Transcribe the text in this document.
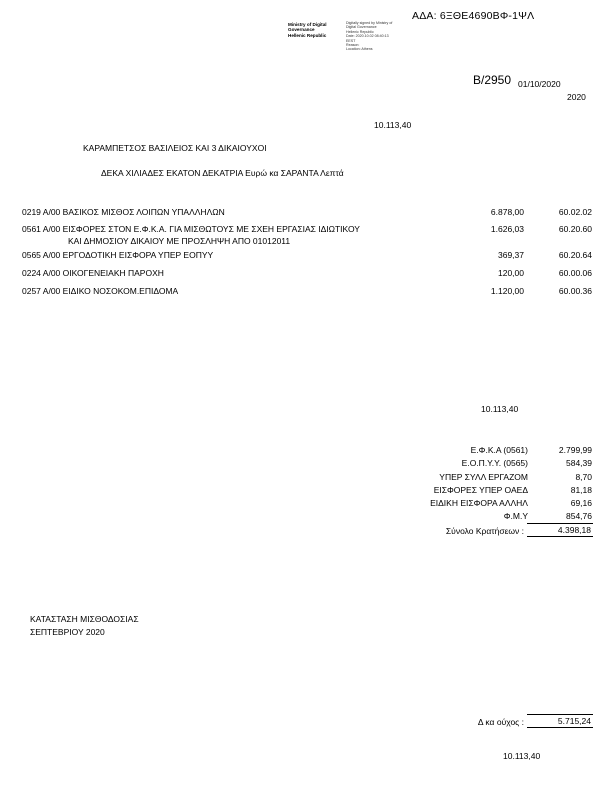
ΑΔΑ: 6ΞΘΕ4690ΒΦ-1ΨΛ
Ministry of Digital
Governance
Hellenic Republic
Digitally signed by Ministry of
Digital Governance
Hellenic Republic
Date: 2020.10.02 08:40:13
EEST
Reason:
Location: Athens
Β/2950 01/10/2020
2020
10.113,40
ΚΑΡΑΜΠΕΤΣΟΣ ΒΑΣΙΛΕΙΟΣ ΚΑΙ 3 ΔΙΚΑΙΟΥΧΟΙ
ΔΕΚΑ ΧΙΛΙΑΔΕΣ ΕΚΑΤΟΝ ΔΕΚΑΤΡΙΑ Ευρώ κα ΣΑΡΑΝΤΑ Λεπτά
0219 Α/00 ΒΑΣΙΚΟΣ ΜΙΣΘΟΣ ΛΟΙΠΩΝ ΥΠΑΛΛΗΛΩΝ	6.878,00	60.02.02
0561 Α/00 ΕΙΣΦΟΡΕΣ ΣΤΟΝ Ε.Φ.Κ.Α. ΓΙΑ ΜΙΣΘΩΤΟΥΣ ΜΕ ΣΧΕΗ ΕΡΓΑΣΙΑΣ ΙΔΙΩΤΙΚΟΥ
ΚΑΙ ΔΗΜΟΣΙΟΥ ΔΙΚΑΙΟΥ ΜΕ ΠΡΟΣΛΗΨΗ ΑΠΟ 01012011
1.626,03	60.20.60
0565 Α/00 ΕΡΓΟΔΟΤΙΚΗ ΕΙΣΦΟΡΑ ΥΠΕΡ ΕΟΠΥΥ	369,37	60.20.64
0224 Α/00 ΟΙΚΟΓΕΝΕΙΑΚΗ ΠΑΡΟΧΗ	120,00	60.00.06
0257 Α/00 ΕΙΔΙΚΟ ΝΟΣΟΚΟΜ.ΕΠΙΔΟΜΑ	1.120,00	60.00.36
10.113,40
Ε.Φ.Κ.Α (0561)	2.799,99
Ε.Ο.Π.Υ.Υ. (0565)	584,39
ΥΠΕΡ ΣΥΛΛ ΕΡΓΑΖΟΜ	8,70
ΕΙΣΦΟΡΕΣ ΥΠΕΡ ΟΑΕΔ	81,18
ΕΙΔΙΚΗ ΕΙΣΦΟΡΑ ΑΛΛΗΛ	69,16
Φ.Μ.Υ	854,76
Σύνολο Κρατήσεων :	4.398,18
ΚΑΤΑΣΤΑΣΗ ΜΙΣΘΟΔΟΣΙΑΣ
ΣΕΠΤΕΒΡΙΟΥ 2020
Δ κα ούχος :	5.715,24
10.113,40
